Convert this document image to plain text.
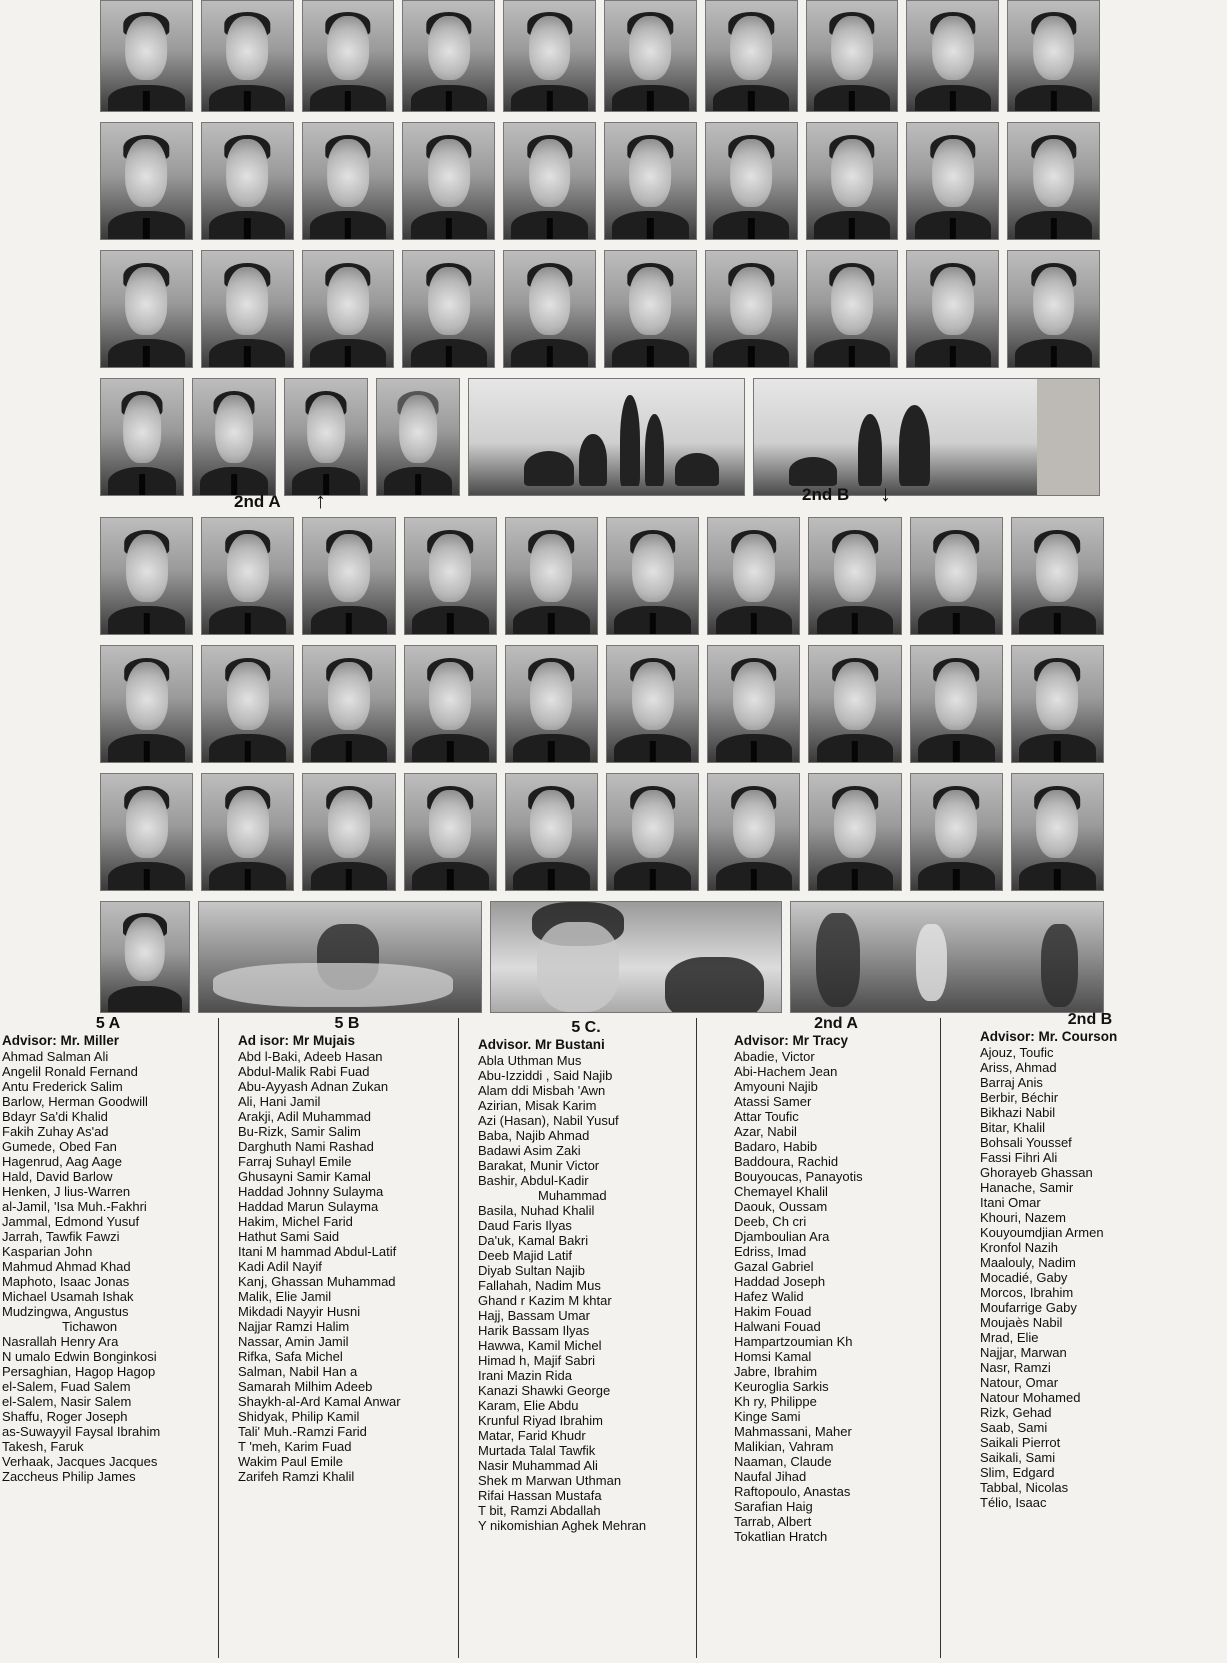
2nd A ↑	2nd B ↓
5 A
Advisor: Mr. Miller
Ahmad Salman Ali
Angelil Ronald Fernand
Antu Frederick Salim
Barlow, Herman Goodwill
Bdayr Sa'di Khalid
Fakih Zuhay As'ad
Gumede, Obed Fan
Hagenrud, Aag Aage
Hald, David Barlow
Henken, J lius-Warren
al-Jamil, 'Isa Muh.-Fakhri
Jammal, Edmond Yusuf
Jarrah, Tawfik Fawzi
Kasparian John
Mahmud Ahmad Khad
Maphoto, Isaac Jonas
Michael Usamah Ishak
Mudzingwa, Angustus
Tichawon
Nasrallah Henry Ara
N umalo Edwin Bonginkosi
Persaghian, Hagop Hagop
el-Salem, Fuad Salem
el-Salem, Nasir Salem
Shaffu, Roger Joseph
as-Suwayyil Faysal Ibrahim
Takesh, Faruk
Verhaak, Jacques Jacques
Zaccheus Philip James
5 B
Ad isor: Mr Mujais
Abd l-Baki, Adeeb Hasan
Abdul-Malik Rabi Fuad
Abu-Ayyash Adnan Zukan
Ali, Hani Jamil
Arakji, Adil Muhammad
Bu-Rizk, Samir Salim
Darghuth Nami Rashad
Farraj Suhayl Emile
Ghusayni Samir Kamal
Haddad Johnny Sulayma
Haddad Marun Sulayma
Hakim, Michel Farid
Hathut Sami Said
Itani M hammad Abdul-Latif
Kadi Adil Nayif
Kanj, Ghassan Muhammad
Malik, Elie Jamil
Mikdadi Nayyir Husni
Najjar Ramzi Halim
Nassar, Amin Jamil
Rifka, Safa Michel
Salman, Nabil Han a
Samarah Milhim Adeeb
Shaykh-al-Ard Kamal Anwar
Shidyak, Philip Kamil
Tali' Muh.-Ramzi Farid
T 'meh, Karim Fuad
Wakim Paul Emile
Zarifeh Ramzi Khalil
5 C.
Advisor. Mr Bustani
Abla Uthman Mus
Abu-Izziddi , Said Najib
Alam ddi Misbah 'Awn
Azirian, Misak Karim
Azi (Hasan), Nabil Yusuf
Baba, Najib Ahmad
Badawi Asim Zaki
Barakat, Munir Victor
Bashir, Abdul-Kadir
Muhammad
Basila, Nuhad Khalil
Daud Faris Ilyas
Da'uk, Kamal Bakri
Deeb Majid Latif
Diyab Sultan Najib
Fallahah, Nadim Mus
Ghand r Kazim M khtar
Hajj, Bassam Umar
Harik Bassam Ilyas
Hawwa, Kamil Michel
Himad h, Majif Sabri
Irani Mazin Rida
Kanazi Shawki George
Karam, Elie Abdu
Krunful Riyad Ibrahim
Matar, Farid Khudr
Murtada Talal Tawfik
Nasir Muhammad Ali
Shek m Marwan Uthman
Rifai Hassan Mustafa
T bit, Ramzi Abdallah
Y nikomishian Aghek Mehran
2nd A
Advisor: Mr Tracy
Abadie, Victor
Abi-Hachem Jean
Amyouni Najib
Atassi Samer
Attar Toufic
Azar, Nabil
Badaro, Habib
Baddoura, Rachid
Bouyoucas, Panayotis
Chemayel Khalil
Daouk, Oussam
Deeb, Ch cri
Djamboulian Ara
Edriss, Imad
Gazal Gabriel
Haddad Joseph
Hafez Walid
Hakim Fouad
Halwani Fouad
Hampartzoumian Kh
Homsi Kamal
Jabre, Ibrahim
Keuroglia Sarkis
Kh ry, Philippe
Kinge Sami
Mahmassani, Maher
Malikian, Vahram
Naaman, Claude
Naufal Jihad
Raftopoulo, Anastas
Sarafian Haig
Tarrab, Albert
Tokatlian Hratch
2nd B
Advisor: Mr. Courson
Ajouz, Toufic
Ariss, Ahmad
Barraj Anis
Berbir, Béchir
Bikhazi Nabil
Bitar, Khalil
Bohsali Youssef
Fassi Fihri Ali
Ghorayeb Ghassan
Hanache, Samir
Itani Omar
Khouri, Nazem
Kouyoumdjian Armen
Kronfol Nazih
Maalouly, Nadim
Mocadié, Gaby
Morcos, Ibrahim
Moufarrige Gaby
Moujaès Nabil
Mrad, Elie
Najjar, Marwan
Nasr, Ramzi
Natour, Omar
Natour Mohamed
Rizk, Gehad
Saab, Sami
Saikali Pierrot
Saikali, Sami
Slim, Edgard
Tabbal, Nicolas
Télio, Isaac
